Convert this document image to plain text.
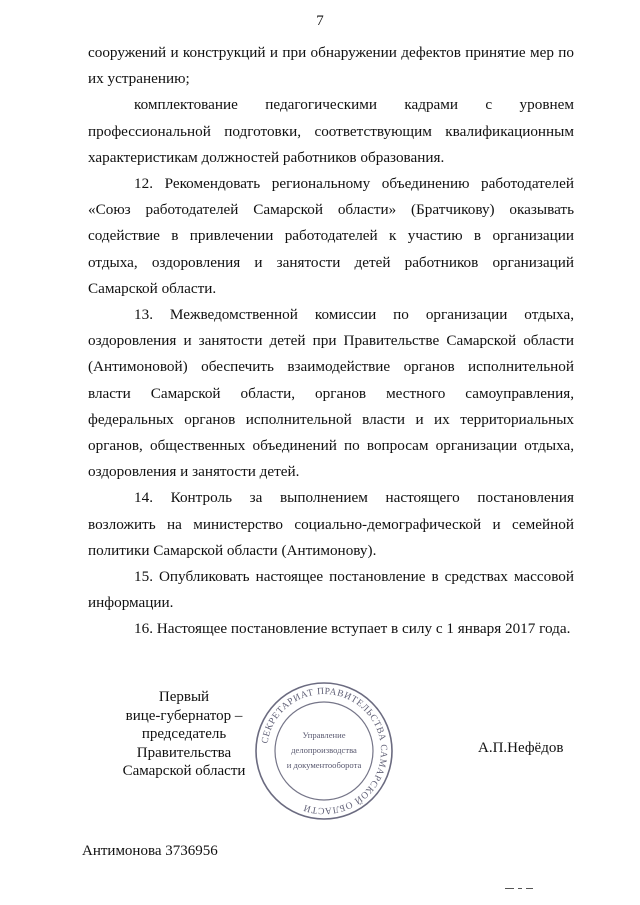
7

сооружений и конструкций и при обнаружении дефектов принятие мер по их устранению;

комплектование педагогическими кадрами с уровнем профессиональной подготовки, соответствующим квалификационным характеристикам должностей работников образования.

12. Рекомендовать региональному объединению работодателей «Союз работодателей Самарской области» (Братчикову) оказывать содействие в привлечении работодателей к участию в организации отдыха, оздоровления и занятости детей работников организаций Самарской области.

13. Межведомственной комиссии по организации отдыха, оздоровления и занятости детей при Правительстве Самарской области (Антимоновой) обеспечить взаимодействие органов исполнительной власти Самарской области, органов местного самоуправления, федеральных органов исполнительной власти и их территориальных органов, общественных объединений по вопросам организации отдыха, оздоровления и занятости детей.

14. Контроль за выполнением настоящего постановления возложить на министерство социально-демографической и семейной политики Самарской области (Антимонову).

15. Опубликовать настоящее постановление в средствах массовой информации.

16. Настоящее постановление вступает в силу с 1 января 2017 года.

Первый
вице-губернатор –
председатель Правительства
Самарской области
СЕКРЕТАРИАТ ПРАВИТЕЛЬСТВА САМАРСКОЙ ОБЛАСТИ
Управление
делопроизводства
и документооборота
А.П.Нефёдов
Антимонова 3736956
